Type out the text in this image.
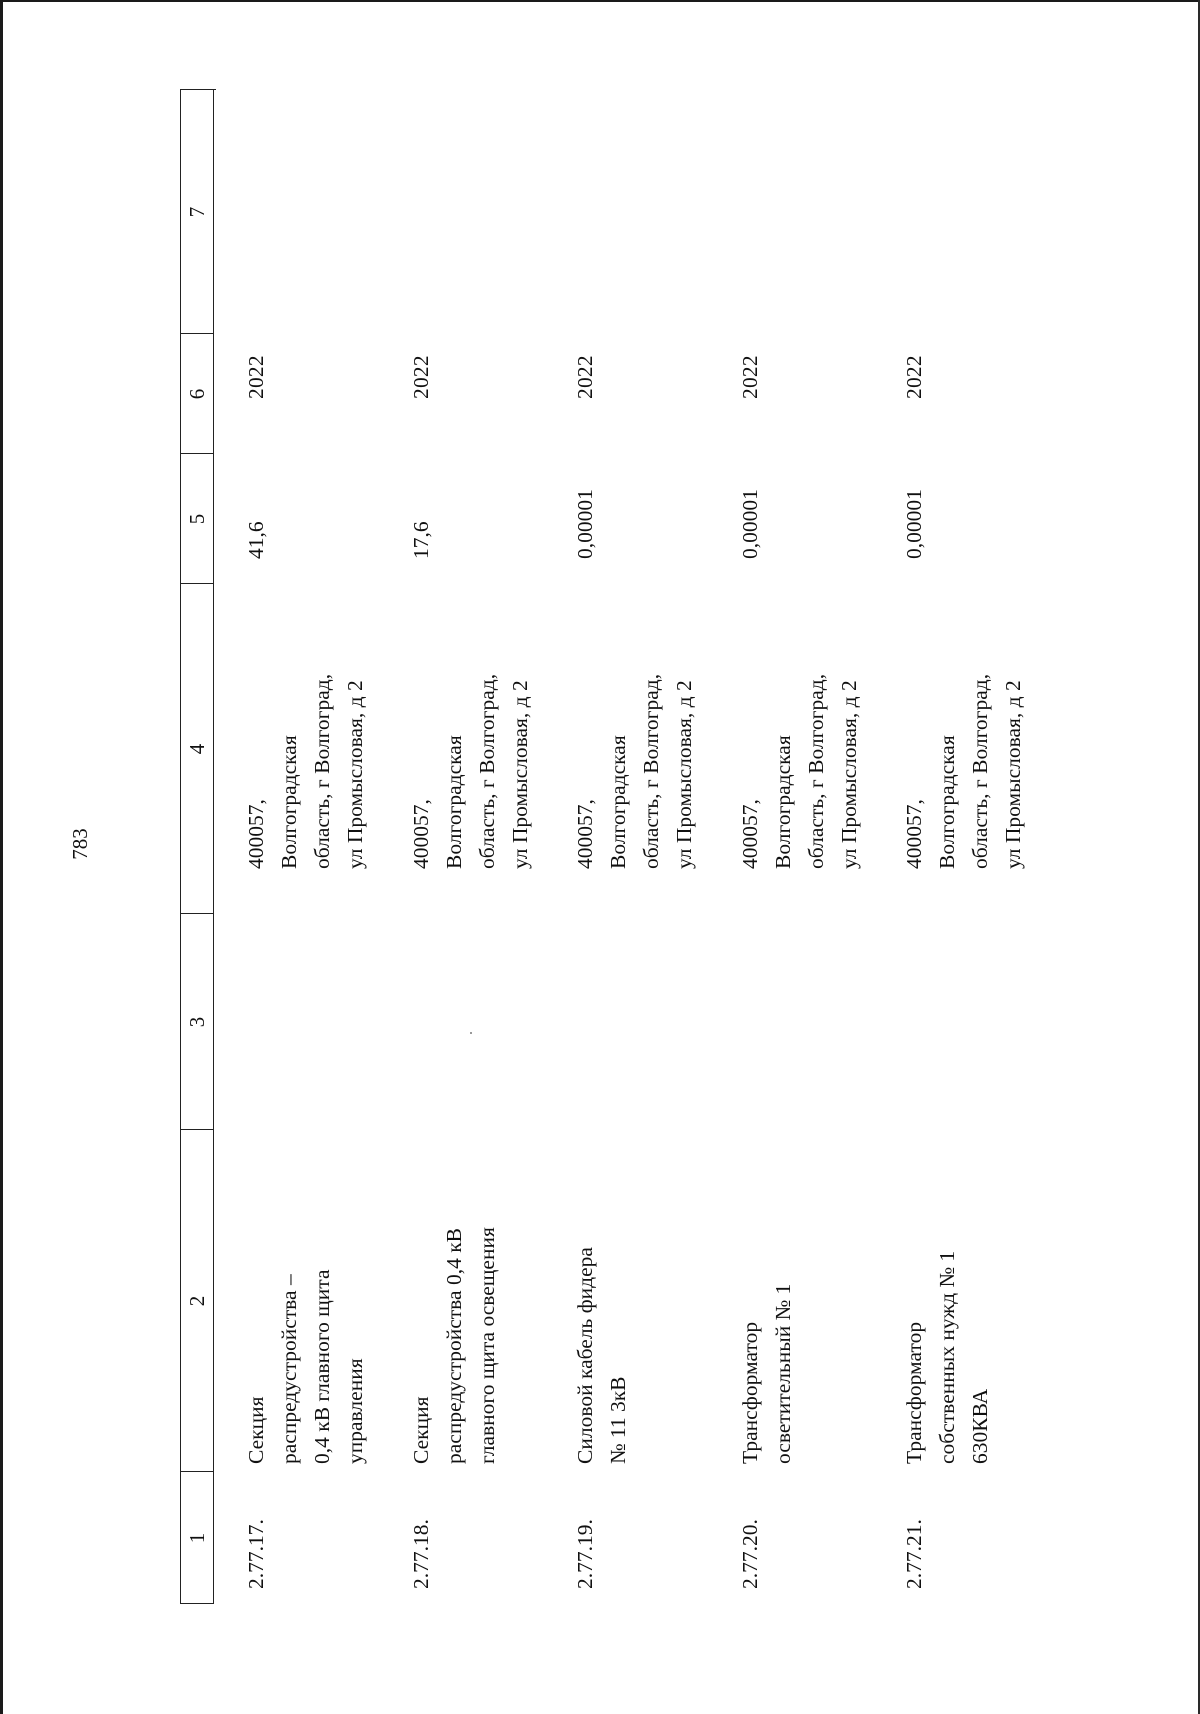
783
1
2
3
4
5
6
7
2.77.17.
Секция распредустройства – 0,4 кВ главного щита управления
400057, Волгоградская область, г Волгоград, ул Промысловая, д 2
41,6
2022
2.77.18.
Секция распредустройства 0,4 кВ главного щита освещения
400057, Волгоградская область, г Волгоград, ул Промысловая, д 2
17,6
2022
2.77.19.
Силовой кабель фидера № 11 3кВ
400057, Волгоградская область, г Волгоград, ул Промысловая, д 2
0,00001
2022
2.77.20.
Трансформатор осветительный № 1
400057, Волгоградская область, г Волгоград, ул Промысловая, д 2
0,00001
2022
2.77.21.
Трансформатор собственных нужд № 1 630КВА
400057, Волгоградская область, г Волгоград, ул Промысловая, д 2
0,00001
2022
